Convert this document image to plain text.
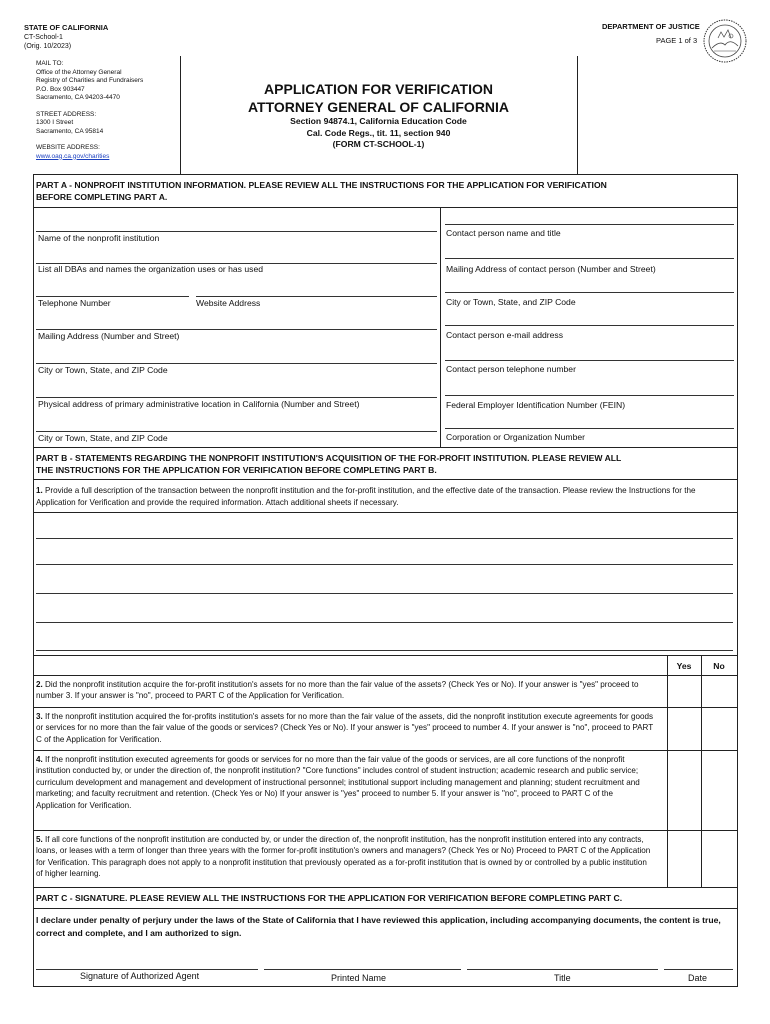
STATE OF CALIFORNIA
CT-School-1
(Orig. 10/2023)
DEPARTMENT OF JUSTICE
PAGE 1 of 3
MAIL TO:
Office of the Attorney General
Registry of Charities and Fundraisers
P.O. Box 903447
Sacramento, CA 94203-4470
STREET ADDRESS:
1300 I Street
Sacramento, CA 95814
WEBSITE ADDRESS:
www.oag.ca.gov/charities
APPLICATION FOR VERIFICATION
ATTORNEY GENERAL OF CALIFORNIA
Section 94874.1, California Education Code
Cal. Code Regs., tit. 11, section 940
(FORM CT-SCHOOL-1)
PART A - NONPROFIT INSTITUTION INFORMATION. PLEASE REVIEW ALL THE INSTRUCTIONS FOR THE APPLICATION FOR VERIFICATION
BEFORE COMPLETING PART A.
Name of the nonprofit institution
List all DBAs and names the organization uses or has used
Telephone Number	Website Address
Mailing Address (Number and Street)
City or Town, State, and ZIP Code
Physical address of primary administrative location in California (Number and Street)
City or Town, State, and ZIP Code
Contact person name and title
Mailing Address of contact person (Number and Street)
City or Town, State, and ZIP Code
Contact person e-mail address
Contact person telephone number
Federal Employer Identification Number (FEIN)
Corporation or Organization Number
PART B - STATEMENTS REGARDING THE NONPROFIT INSTITUTION'S ACQUISITION OF THE FOR-PROFIT INSTITUTION. PLEASE REVIEW ALL
THE INSTRUCTIONS FOR THE APPLICATION FOR VERIFICATION BEFORE COMPLETING PART B.
1. Provide a full description of the transaction between the nonprofit institution and the for-profit institution, and the effective date of the transaction. Please review the Instructions for the Application for Verification and provide the required information. Attach additional sheets if necessary.
Yes	No
2. Did the nonprofit institution acquire the for-profit institution's assets for no more than the fair value of the assets? (Check Yes or No). If your answer is "yes" proceed to number 3. If your answer is "no", proceed to PART C of the Application for Verification.
3. If the nonprofit institution acquired the for-profits institution's assets for no more than the fair value of the assets, did the nonprofit institution execute agreements for goods or services for no more than the fair value of the goods or services? (Check Yes or No). If your answer is "yes" proceed to number 4. If your answer is "no", proceed to PART C of the Application for Verification.
4. If the nonprofit institution executed agreements for goods or services for no more than the fair value of the goods or services, are all core functions of the nonprofit institution conducted by, or under the direction of, the nonprofit institution? "Core functions" includes control of student instruction; academic research and public service; curriculum development and management and development of instructional personnel; institutional support including management and planning; student recruitment and marketing; and faculty recruitment and retention. (Check Yes or No) If your answer is "yes" proceed to number 5. If your answer is "no", proceed to PART C of the Application for Verification.
5. If all core functions of the nonprofit institution are conducted by, or under the direction of, the nonprofit institution, has the nonprofit institution entered into any contracts, loans, or leases with a term of longer than three years with the former for-profit institution's owners and managers? (Check Yes or No) Proceed to PART C of the Application for Verification. This paragraph does not apply to a nonprofit institution that previously operated as a for-profit institution that is owned by or controlled by a public institution of higher learning.
PART C - SIGNATURE. PLEASE REVIEW ALL THE INSTRUCTIONS FOR THE APPLICATION FOR VERIFICATION BEFORE COMPLETING PART C.
I declare under penalty of perjury under the laws of the State of California that I have reviewed this application, including accompanying documents, the content is true, correct and complete, and I am authorized to sign.
Signature of Authorized Agent	Printed Name	Title	Date
